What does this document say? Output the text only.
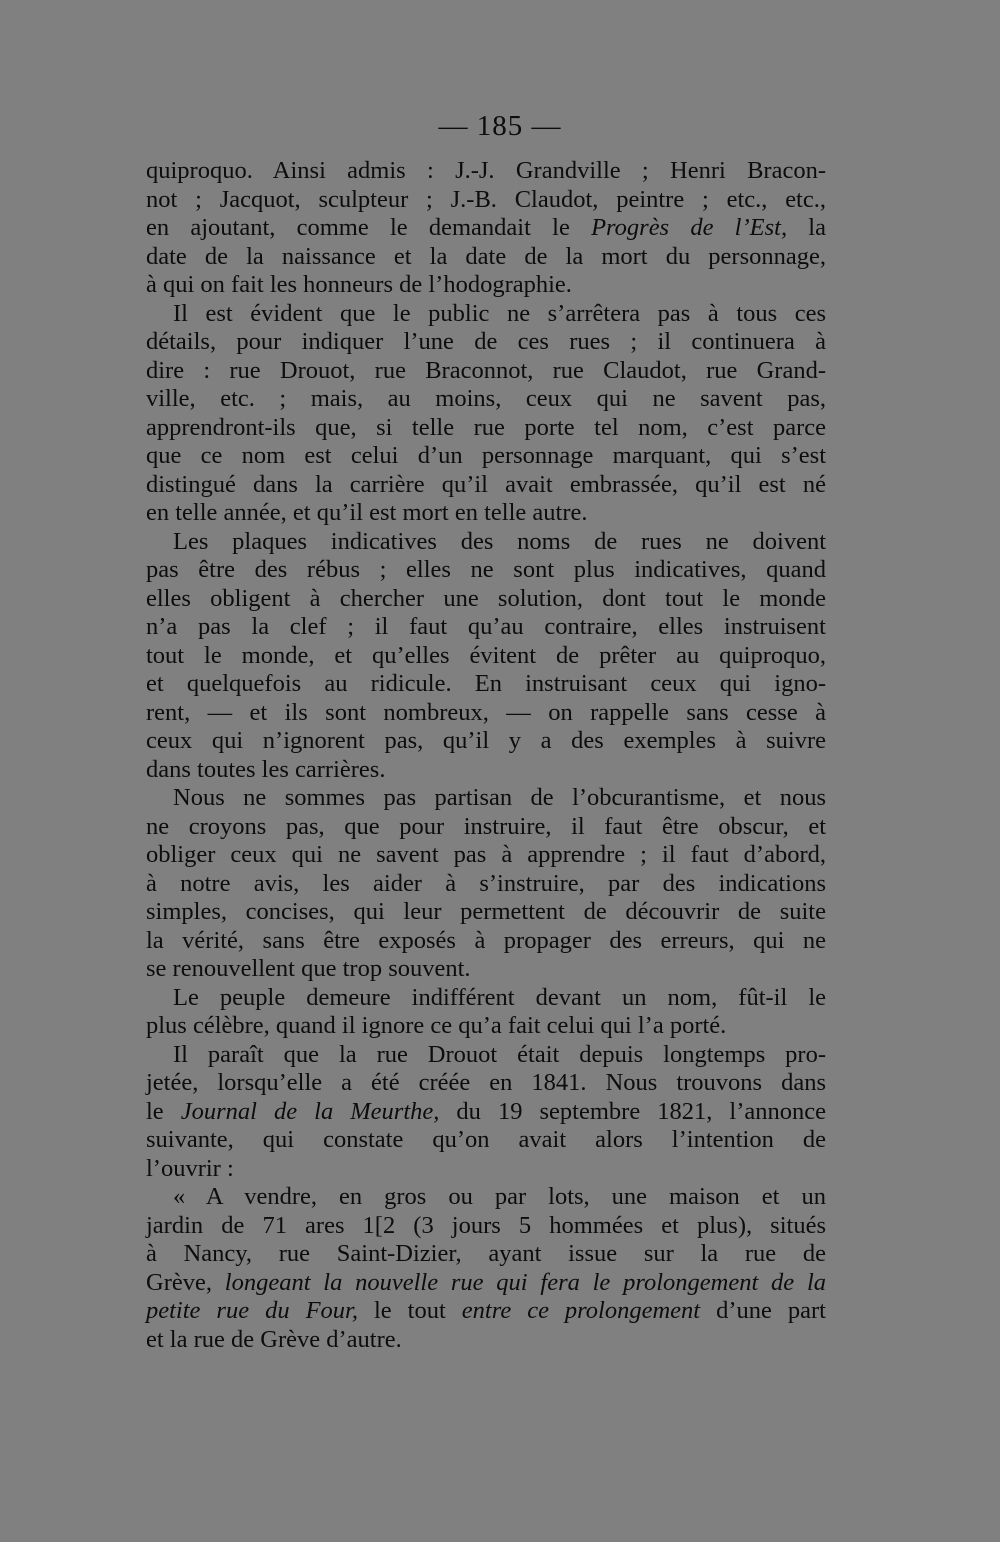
— 185 —
quiproquo. Ainsi admis : J.-J. Grandville ; Henri Bracon-
not ; Jacquot, sculpteur ; J.-B. Claudot, peintre ; etc., etc.,
en ajoutant, comme le demandait le Progrès de l’Est, la
date de la naissance et la date de la mort du personnage,
à qui on fait les honneurs de l’hodographie.
Il est évident que le public ne s’arrêtera pas à tous ces
détails, pour indiquer l’une de ces rues ; il continuera à
dire : rue Drouot, rue Braconnot, rue Claudot, rue Grand-
ville, etc. ; mais, au moins, ceux qui ne savent pas,
apprendront-ils que, si telle rue porte tel nom, c’est parce
que ce nom est celui d’un personnage marquant, qui s’est
distingué dans la carrière qu’il avait embrassée, qu’il est né
en telle année, et qu’il est mort en telle autre.
Les plaques indicatives des noms de rues ne doivent
pas être des rébus ; elles ne sont plus indicatives, quand
elles obligent à chercher une solution, dont tout le monde
n’a pas la clef ; il faut qu’au contraire, elles instruisent
tout le monde, et qu’elles évitent de prêter au quiproquo,
et quelquefois au ridicule. En instruisant ceux qui igno-
rent, — et ils sont nombreux, — on rappelle sans cesse à
ceux qui n’ignorent pas, qu’il y a des exemples à suivre
dans toutes les carrières.
Nous ne sommes pas partisan de l’obcurantisme, et nous
ne croyons pas, que pour instruire, il faut être obscur, et
obliger ceux qui ne savent pas à apprendre ; il faut d’abord,
à notre avis, les aider à s’instruire, par des indications
simples, concises, qui leur permettent de découvrir de suite
la vérité, sans être exposés à propager des erreurs, qui ne
se renouvellent que trop souvent.
Le peuple demeure indifférent devant un nom, fût-il le
plus célèbre, quand il ignore ce qu’a fait celui qui l’a porté.
Il paraît que la rue Drouot était depuis longtemps pro-
jetée, lorsqu’elle a été créée en 1841. Nous trouvons dans
le Journal de la Meurthe, du 19 septembre 1821, l’annonce
suivante, qui constate qu’on avait alors l’intention de
l’ouvrir :
« A vendre, en gros ou par lots, une maison et un
jardin de 71 ares 1[2 (3 jours 5 hommées et plus), situés
à Nancy, rue Saint-Dizier, ayant issue sur la rue de
Grève, longeant la nouvelle rue qui fera le prolongement de la
petite rue du Four, le tout entre ce prolongement d’une part
et la rue de Grève d’autre.
